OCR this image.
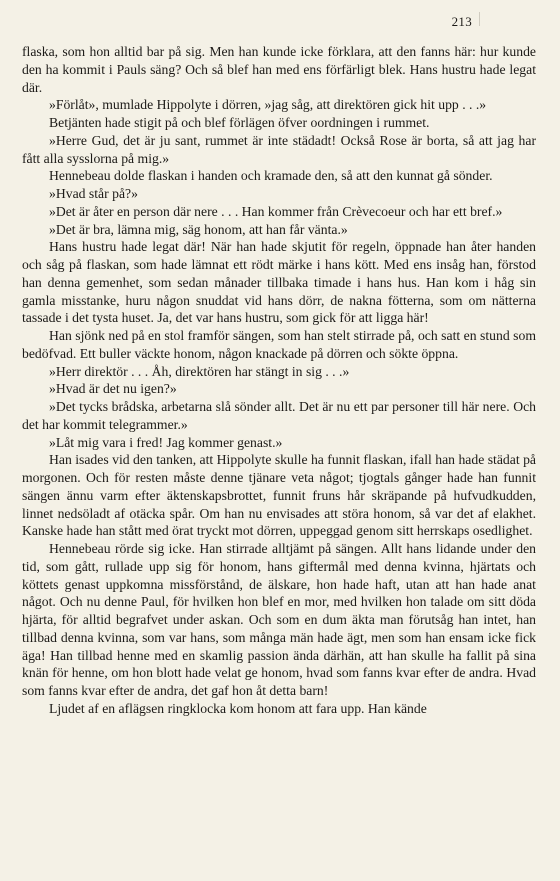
213

flaska, som hon alltid bar på sig. Men han kunde icke förklara, att den fanns här: hur kunde den ha kommit i Pauls säng? Och så blef han med ens förfärligt blek. Hans hustru hade legat där.

»Förlåt», mumlade Hippolyte i dörren, »jag såg, att direktören gick hit upp . . .»

Betjänten hade stigit på och blef förlägen öfver oordningen i rummet.

»Herre Gud, det är ju sant, rummet är inte städadt! Också Rose är borta, så att jag har fått alla sysslorna på mig.»

Hennebeau dolde flaskan i handen och kramade den, så att den kunnat gå sönder.

»Hvad står på?»

»Det är åter en person där nere . . . Han kommer från Crèvecoeur och har ett bref.»

»Det är bra, lämna mig, säg honom, att han får vänta.»

Hans hustru hade legat där! När han hade skjutit för regeln, öppnade han åter handen och såg på flaskan, som hade lämnat ett rödt märke i hans kött. Med ens insåg han, förstod han denna gemenhet, som sedan månader tillbaka timade i hans hus. Han kom i håg sin gamla misstanke, huru någon snuddat vid hans dörr, de nakna fötterna, som om nätterna tassade i det tysta huset. Ja, det var hans hustru, som gick för att ligga här!

Han sjönk ned på en stol framför sängen, som han stelt stirrade på, och satt en stund som bedöfvad. Ett buller väckte honom, någon knackade på dörren och sökte öppna.

»Herr direktör . . . Åh, direktören har stängt in sig . . .»

»Hvad är det nu igen?»

»Det tycks brådska, arbetarna slå sönder allt. Det är nu ett par personer till här nere. Och det har kommit telegrammer.»

»Låt mig vara i fred! Jag kommer genast.»

Han isades vid den tanken, att Hippolyte skulle ha funnit flaskan, ifall han hade städat på morgonen. Och för resten måste denne tjänare veta något; tjogtals gånger hade han funnit sängen ännu varm efter äktenskapsbrottet, funnit fruns hår skräpande på hufvudkudden, linnet nedsöladt af otäcka spår. Om han nu envisades att störa honom, så var det af elakhet. Kanske hade han stått med örat tryckt mot dörren, uppeggad genom sitt herrskaps osedlighet.

Hennebeau rörde sig icke. Han stirrade alltjämt på sängen. Allt hans lidande under den tid, som gått, rullade upp sig för honom, hans giftermål med denna kvinna, hjärtats och köttets genast uppkomna missförstånd, de älskare, hon hade haft, utan att han hade anat något. Och nu denne Paul, för hvilken hon blef en mor, med hvilken hon talade om sitt döda hjärta, för alltid begrafvet under askan. Och som en dum äkta man förutsåg han intet, han tillbad denna kvinna, som var hans, som många män hade ägt, men som han ensam icke fick äga! Han tillbad henne med en skamlig passion ända därhän, att han skulle ha fallit på sina knän för henne, om hon blott hade velat ge honom, hvad som fanns kvar efter de andra. Hvad som fanns kvar efter de andra, det gaf hon åt detta barn!

Ljudet af en aflägsen ringklocka kom honom att fara upp. Han kände
